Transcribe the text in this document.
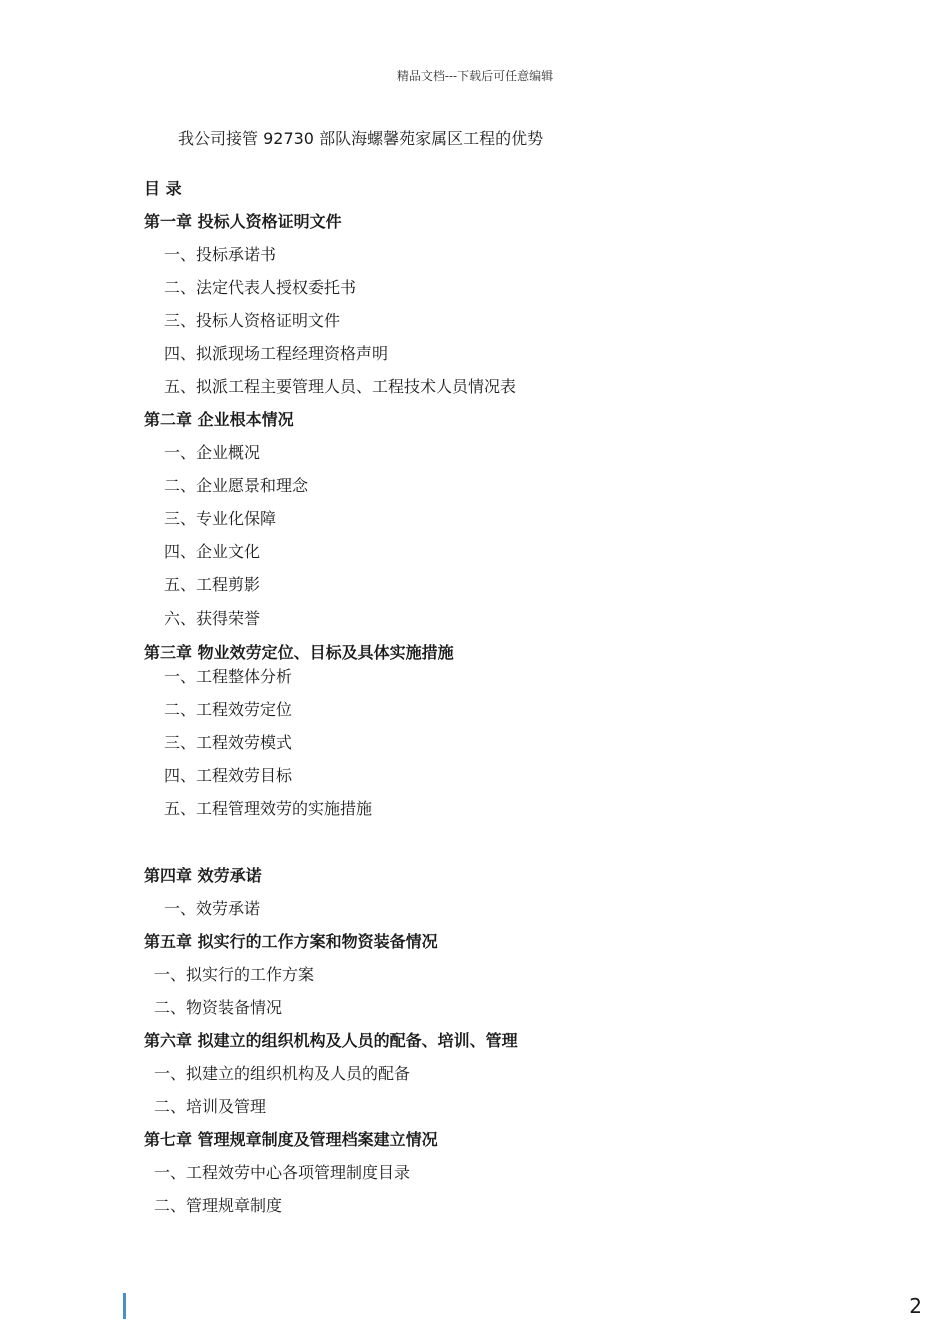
精品文档---下载后可任意编辑
我公司接管 92730 部队海螺馨苑家属区工程的优势
目 录
第一章 投标人资格证明文件
一、投标承诺书
二、法定代表人授权委托书
三、投标人资格证明文件
四、拟派现场工程经理资格声明
五、拟派工程主要管理人员、工程技术人员情况表
第二章 企业根本情况
一、企业概况
二、企业愿景和理念
三、专业化保障
四、企业文化
五、工程剪影
六、获得荣誉
第三章 物业效劳定位、目标及具体实施措施
一、工程整体分析
二、工程效劳定位
三、工程效劳模式
四、工程效劳目标
五、工程管理效劳的实施措施
第四章 效劳承诺
一、效劳承诺
第五章 拟实行的工作方案和物资装备情况
一、拟实行的工作方案
二、物资装备情况
第六章 拟建立的组织机构及人员的配备、培训、管理
一、拟建立的组织机构及人员的配备
二、培训及管理
第七章 管理规章制度及管理档案建立情况
一、工程效劳中心各项管理制度目录
二、管理规章制度
2
